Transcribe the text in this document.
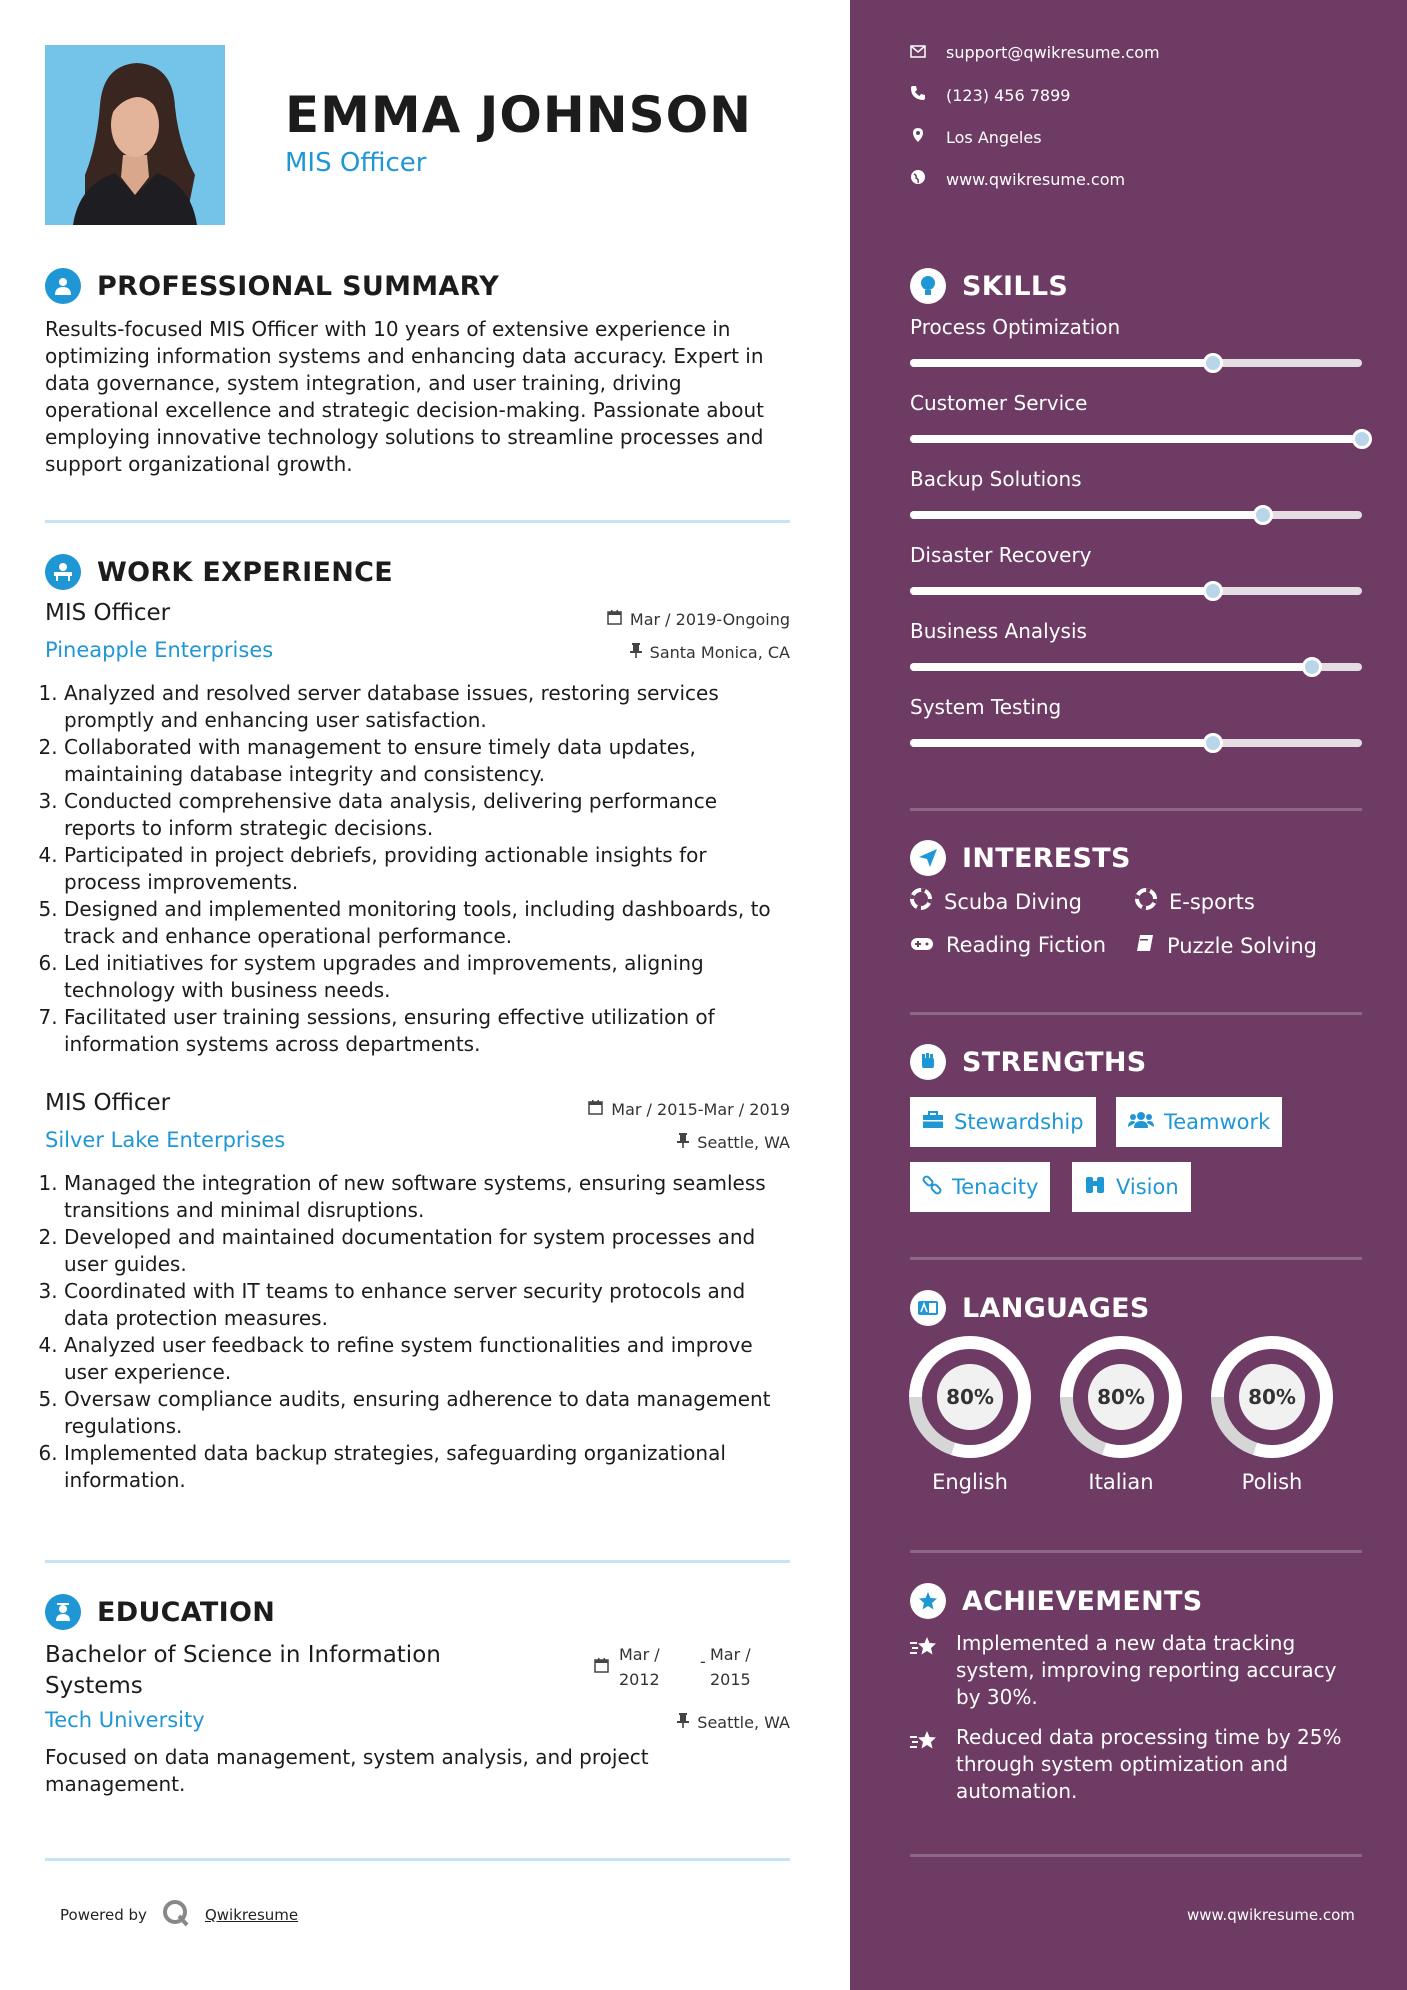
EMMA JOHNSON
MIS Officer
PROFESSIONAL SUMMARY
Results-focused MIS Officer with 10 years of extensive experience in optimizing information systems and enhancing data accuracy. Expert in data governance, system integration, and user training, driving operational excellence and strategic decision-making. Passionate about employing innovative technology solutions to streamline processes and support organizational growth.
WORK EXPERIENCE
MIS Officer	Mar / 2019-Ongoing
Pineapple Enterprises	Santa Monica, CA
1. Analyzed and resolved server database issues, restoring services promptly and enhancing user satisfaction.
2. Collaborated with management to ensure timely data updates, maintaining database integrity and consistency.
3. Conducted comprehensive data analysis, delivering performance reports to inform strategic decisions.
4. Participated in project debriefs, providing actionable insights for process improvements.
5. Designed and implemented monitoring tools, including dashboards, to track and enhance operational performance.
6. Led initiatives for system upgrades and improvements, aligning technology with business needs.
7. Facilitated user training sessions, ensuring effective utilization of information systems across departments.
MIS Officer	Mar / 2015-Mar / 2019
Silver Lake Enterprises	Seattle, WA
1. Managed the integration of new software systems, ensuring seamless transitions and minimal disruptions.
2. Developed and maintained documentation for system processes and user guides.
3. Coordinated with IT teams to enhance server security protocols and data protection measures.
4. Analyzed user feedback to refine system functionalities and improve user experience.
5. Oversaw compliance audits, ensuring adherence to data management regulations.
6. Implemented data backup strategies, safeguarding organizational information.
EDUCATION
Bachelor of Science in Information Systems
Mar /
2012
- Mar /
2015
Tech University	Seattle, WA
Focused on data management, system analysis, and project management.
Powered by	Qwikresume
support@qwikresume.com
(123) 456 7899
Los Angeles
www.qwikresume.com
SKILLS
Process Optimization
Customer Service
Backup Solutions
Disaster Recovery
Business Analysis
System Testing
INTERESTS
Scuba Diving	E-sports
Reading Fiction	Puzzle Solving
STRENGTHS
Stewardship	Teamwork
Tenacity	Vision
LANGUAGES
80%
English
80%
Italian
80%
Polish
ACHIEVEMENTS
Implemented a new data tracking system, improving reporting accuracy by 30%.
Reduced data processing time by 25% through system optimization and automation.
www.qwikresume.com
